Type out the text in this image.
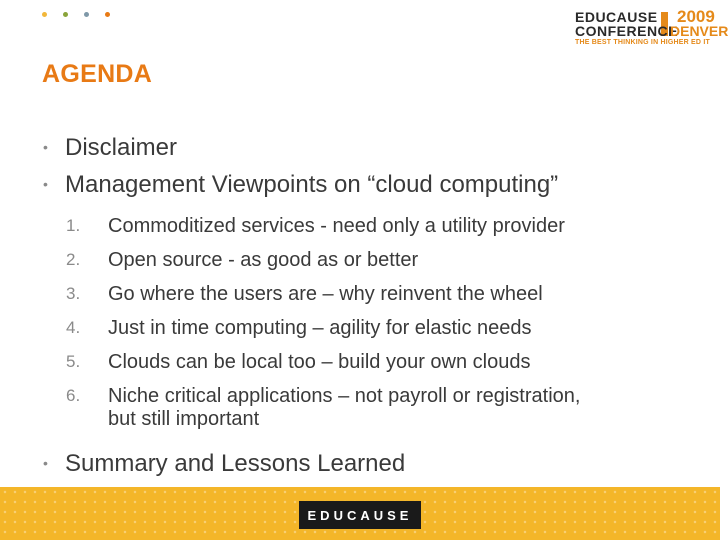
EDUCAUSE 2009
CONFERENCE
DENVER
THE BEST THINKING IN HIGHER ED IT
AGENDA
• Disclaimer
• Management Viewpoints on “cloud computing”
1.	Commoditized services - need only a utility provider
2.	Open source - as good as or better
3.	Go where the users are – why reinvent the wheel
4.	Just in time computing – agility for elastic needs
5.	Clouds can be local too – build your own clouds
6.	Niche critical applications – not payroll or registration,
but still important
• Summary and Lessons Learned
EDUCAUSE
